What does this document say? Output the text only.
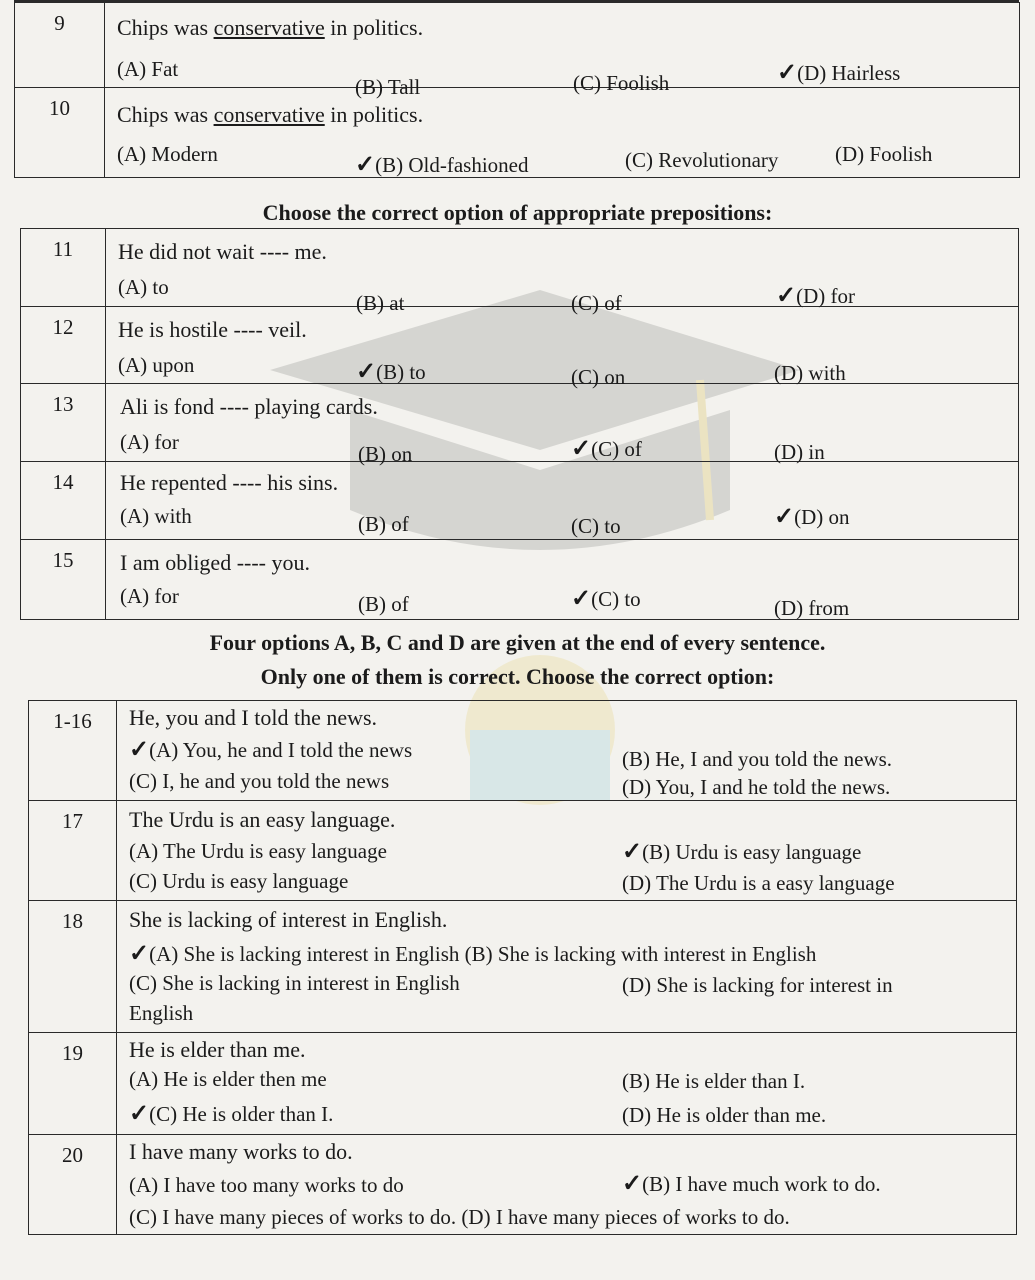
9	Chips was conservative in politics.
(A) Fat
(B) Tall (C) Foolish ✓(D) Hairless

10	Chips was conservative in politics.
(A) Modern ✓(B) Old-fashioned (C) Revolutionary (D) Foolish
Choose the correct option of appropriate prepositions:
11	He did not wait ---- me.
(A) to
(B) at (C) of ✓(D) for

12	He is hostile ---- veil.
(A) upon ✓(B) to (C) on (D) with

13	Ali is fond ---- playing cards.
(A) for (B) on ✓(C) of (D) in

14	He repented ---- his sins.
(A) with (B) of (C) to ✓(D) on

15	I am obliged ---- you.
(A) for (B) of ✓(C) to (D) from
Four options A, B, C and D are given at the end of every sentence.
Only one of them is correct. Choose the correct option:
1-16	He, you and I told the news.
✓(A) You, he and I told the news (B) He, I and you told the news.
(C) I, he and you told the news (D) You, I and he told the news.

17	The Urdu is an easy language.
(A) The Urdu is easy language ✓(B) Urdu is easy language
(C) Urdu is easy language (D) The Urdu is a easy language

18	She is lacking of interest in English.
✓(A) She is lacking interest in English (B) She is lacking with interest in English
(C) She is lacking in interest in English (D) She is lacking for interest in
English

19	He is elder than me.
(A) He is elder then me (B) He is elder than I.
✓(C) He is older than I. (D) He is older than me.

20	I have many works to do.
(A) I have too many works to do ✓(B) I have much work to do.
(C) I have many pieces of works to do. (D) I have many pieces of works to do.
